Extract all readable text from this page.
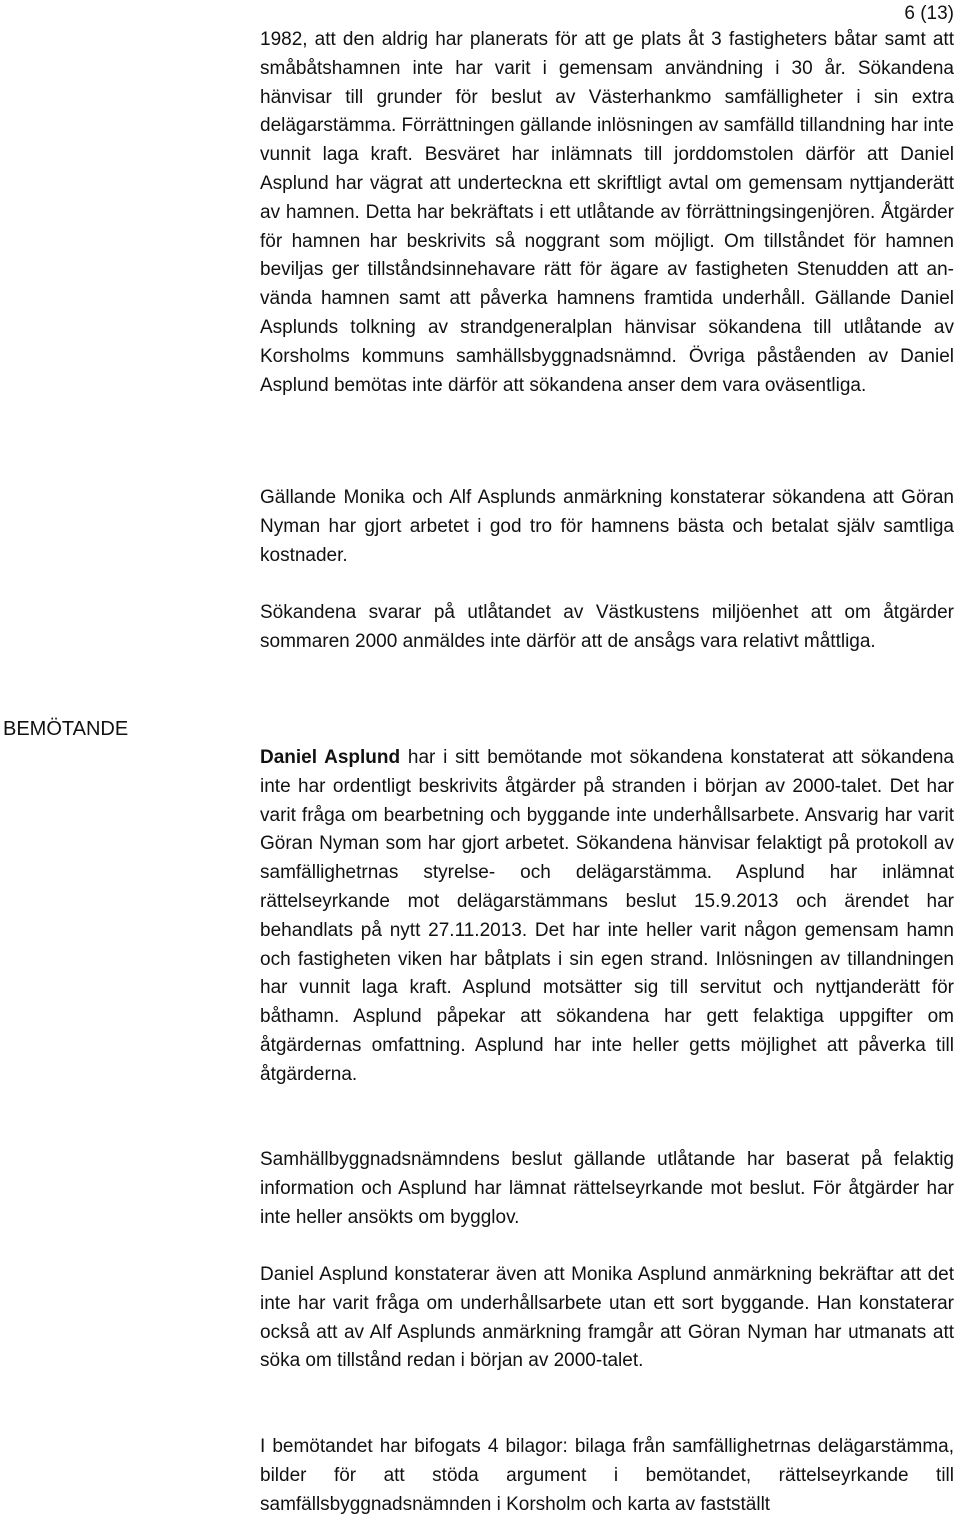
6 (13)
BEMÖTANDE

1982, att den aldrig har planerats för att ge plats åt 3 fastigheters båtar samt att småbåtshamnen inte har varit i gemensam användning i 30 år. Sökandena hänvisar till grunder för beslut av Västerhankmo samfälligheter i sin extra delägarstämma. Förrättningen gällande inlösningen av samfälld tillandning har inte vunnit laga kraft. Besväret har inlämnats till jorddomstolen därför att Daniel Asplund har vägrat att underteckna ett skriftligt avtal om gemensam nyttjanderätt av hamnen. Detta har bekräftats i ett utlåtande av förrättningsingenjören. Åtgärder för hamnen har beskrivits så noggrant som möjligt. Om tillståndet för hamnen beviljas ger tillståndsinnehavare rätt för ägare av fastigheten Stenudden att använda hamnen samt att påverka hamnens framtida underhåll. Gällande Daniel Asplunds tolkning av strandgeneralplan hänvisar sökandena till utlåtande av Korsholms kommuns samhällsbyggnadsnämnd. Övriga påståenden av Daniel Asplund bemötas inte därför att sökandena anser dem vara oväsentliga.

Gällande Monika och Alf Asplunds anmärkning konstaterar sökandena att Göran Nyman har gjort arbetet i god tro för hamnens bästa och betalat själv samtliga kostnader.

Sökandena svarar på utlåtandet av Västkustens miljöenhet att om åtgärder sommaren 2000 anmäldes inte därför att de ansågs vara relativt måttliga.

Daniel Asplund har i sitt bemötande mot sökandena konstaterat att sökandena inte har ordentligt beskrivits åtgärder på stranden i början av 2000-talet. Det har varit fråga om bearbetning och byggande inte underhållsarbete. Ansvarig har varit Göran Nyman som har gjort arbetet. Sökandena hänvisar felaktigt på protokoll av samfällighetrnas styrelse- och delägarstämma. Asplund har inlämnat rättelseyrkande mot delägarstämmans beslut 15.9.2013 och ärendet har behandlats på nytt 27.11.2013. Det har inte heller varit någon gemensam hamn och fastigheten viken har båtplats i sin egen strand. Inlösningen av tillandningen har vunnit laga kraft. Asplund motsätter sig till servitut och nyttjanderätt för båthamn. Asplund påpekar att sökandena har gett felaktiga uppgifter om åtgärdernas omfattning. Asplund har inte heller getts möjlighet att påverka till åtgärderna.

Samhällbyggnadsnämndens beslut gällande utlåtande har baserat på felaktig information och Asplund har lämnat rättelseyrkande mot beslut. För åtgärder har inte heller ansökts om bygglov.

Daniel Asplund konstaterar även att Monika Asplund anmärkning bekräftar att det inte har varit fråga om underhållsarbete utan ett sort byggande. Han konstaterar också att av Alf Asplunds anmärkning framgår att Göran Nyman har utmanats att söka om tillstånd redan i början av 2000-talet.

I bemötandet har bifogats 4 bilagor: bilaga från samfällighetrnas delägarstämma, bilder för att stöda argument i bemötandet, rättelseyrkande till samfällsbyggnadsnämnden i Korsholm och karta av fastställt
